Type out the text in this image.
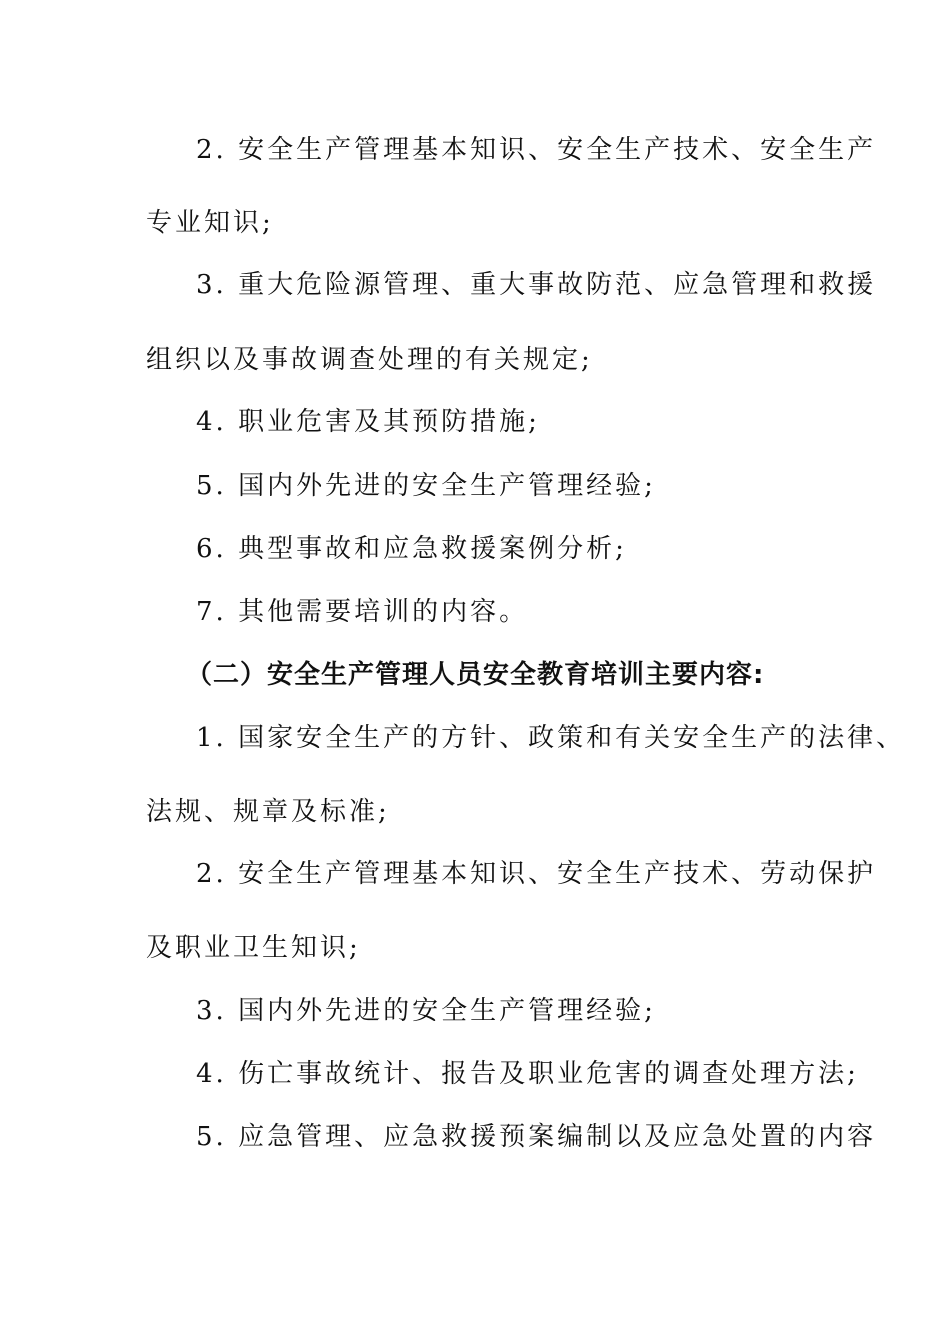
2. 安全生产管理基本知识、安全生产技术、安全生产
专业知识;
3. 重大危险源管理、重大事故防范、应急管理和救援
组织以及事故调查处理的有关规定;
4. 职业危害及其预防措施;
5. 国内外先进的安全生产管理经验;
6. 典型事故和应急救援案例分析;
7. 其他需要培训的内容。
（二）安全生产管理人员安全教育培训主要内容:
1. 国家安全生产的方针、政策和有关安全生产的法律、
法规、规章及标准;
2. 安全生产管理基本知识、安全生产技术、劳动保护
及职业卫生知识;
3. 国内外先进的安全生产管理经验;
4. 伤亡事故统计、报告及职业危害的调查处理方法;
5. 应急管理、应急救援预案编制以及应急处置的内容
